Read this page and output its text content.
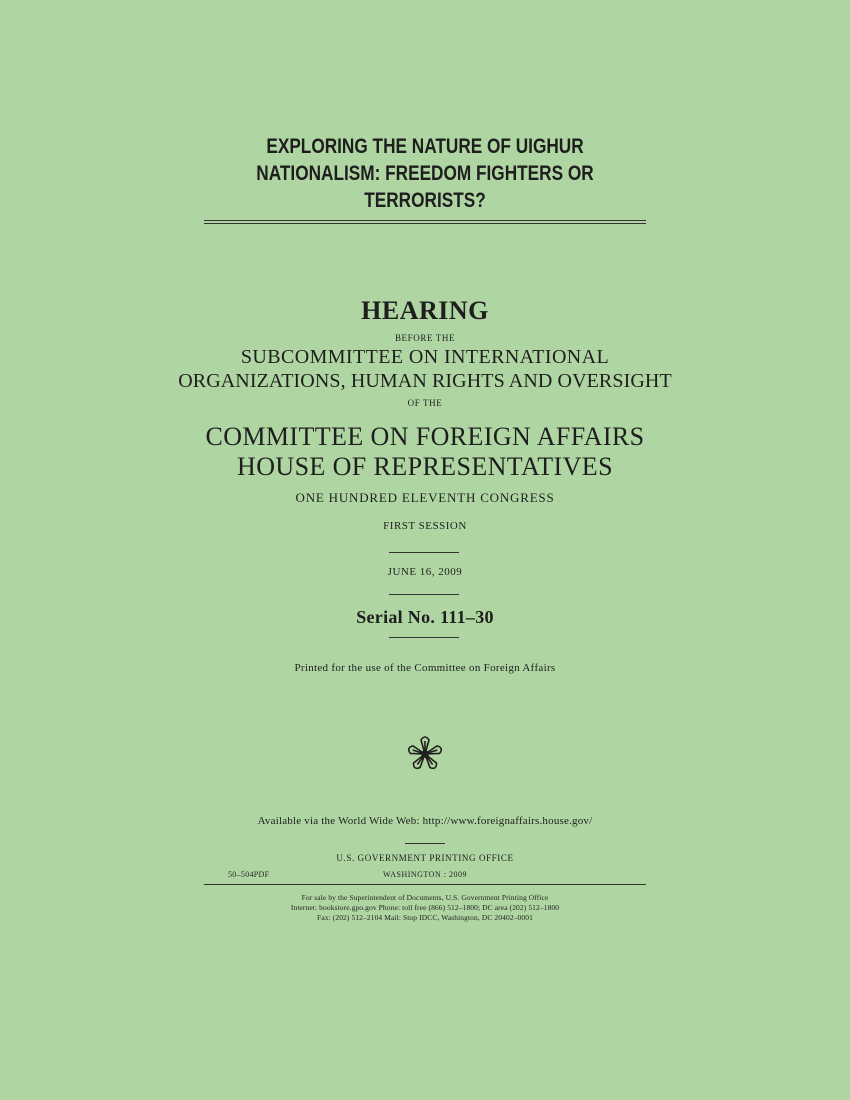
EXPLORING THE NATURE OF UIGHUR
NATIONALISM: FREEDOM FIGHTERS OR
TERRORISTS?
HEARING
BEFORE THE
SUBCOMMITTEE ON INTERNATIONAL
ORGANIZATIONS, HUMAN RIGHTS AND OVERSIGHT
OF THE
COMMITTEE ON FOREIGN AFFAIRS
HOUSE OF REPRESENTATIVES
ONE HUNDRED ELEVENTH CONGRESS
FIRST SESSION
JUNE 16, 2009
Serial No. 111–30
Printed for the use of the Committee on Foreign Affairs
Available via the World Wide Web: http://www.foreignaffairs.house.gov/
U.S. GOVERNMENT PRINTING OFFICE
50–504PDF	WASHINGTON : 2009
For sale by the Superintendent of Documents, U.S. Government Printing Office
Internet: bookstore.gpo.gov Phone: toll free (866) 512–1800; DC area (202) 512–1800
Fax: (202) 512–2104 Mail: Stop IDCC, Washington, DC 20402–0001
